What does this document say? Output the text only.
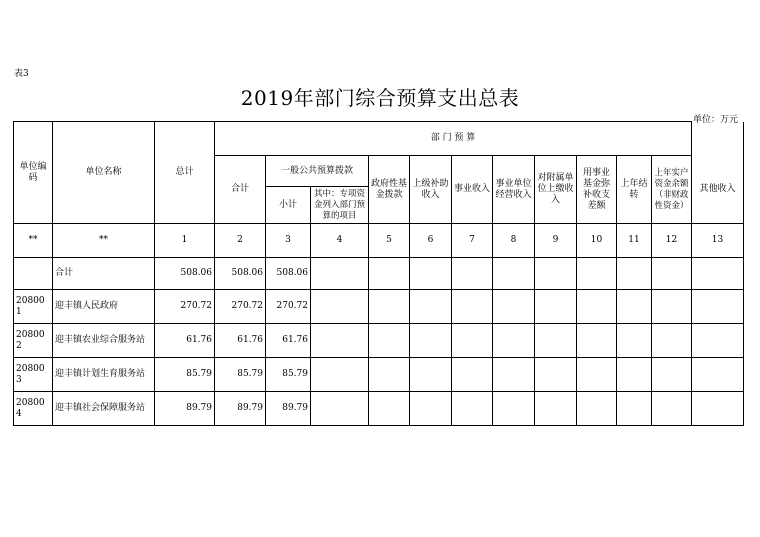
表3
2019年部门综合预算支出总表
单位：万元
单位编码	单位名称	总计	部 门 预 算											
			合计	一般公共预算拨款		政府性基金拨款	上级补助收入	事业收入	事业单位经营收入	对附属单位上缴收入	用事业基金弥补收支差额	上年结转	上年实户资金余额（非财政性资金）	其他收入
				小计	其中：专项资金列入部门预算的项目									
**	**	1	2	3	4	5	6	7	8	9	10	11	12	13
	合计	508.06	508.06	508.06										
208001	迎丰镇人民政府	270.72	270.72	270.72										
208002	迎丰镇农业综合服务站	61.76	61.76	61.76										
208003	迎丰镇计划生育服务站	85.79	85.79	85.79										
208004	迎丰镇社会保障服务站	89.79	89.79	89.79										
